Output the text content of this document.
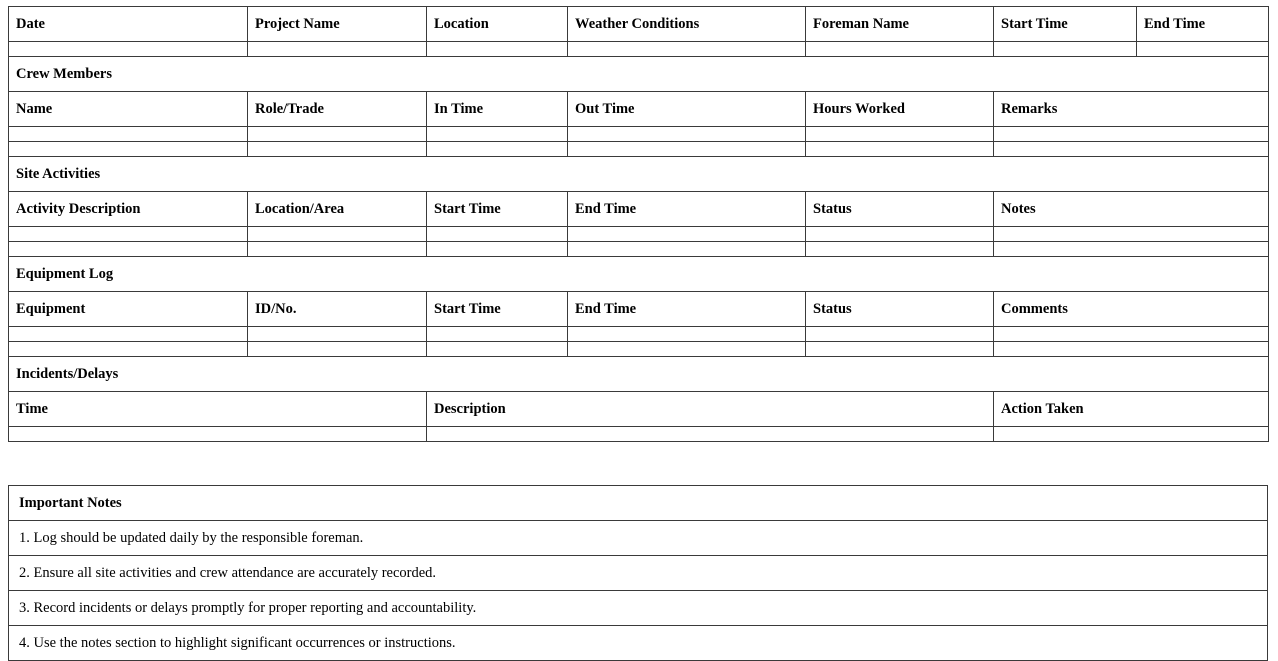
Date	Project Name	Location	Weather Conditions	Foreman Name	Start Time	End Time

Crew Members						
Name	Role/Trade	In Time	Out Time	Hours Worked	Remarks	

Site Activities						
Activity Description	Location/Area	Start Time	End Time	Status	Notes	

Equipment Log						
Equipment	ID/No.	Start Time	End Time	Status	Comments	

Incidents/Delays						
Time		Description			Action Taken	

Important Notes
1. Log should be updated daily by the responsible foreman.
2. Ensure all site activities and crew attendance are accurately recorded.
3. Record incidents or delays promptly for proper reporting and accountability.
4. Use the notes section to highlight significant occurrences or instructions.
